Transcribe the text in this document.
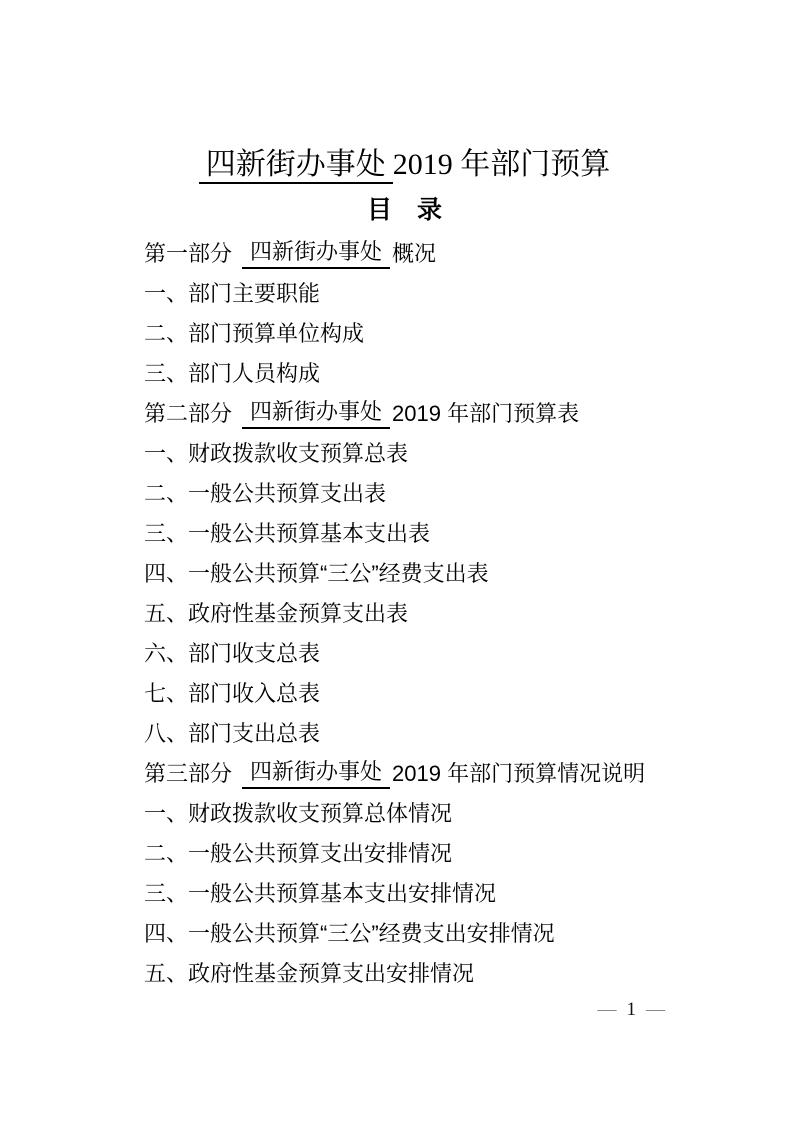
四新街办事处 2019 年部门预算
目　录
第一部分 四新街办事处 概况
一、部门主要职能
二、部门预算单位构成
三、部门人员构成
第二部分 四新街办事处 2019 年部门预算表
一、财政拨款收支预算总表
二、一般公共预算支出表
三、一般公共预算基本支出表
四、一般公共预算“三公”经费支出表
五、政府性基金预算支出表
六、部门收支总表
七、部门收入总表
八、部门支出总表
第三部分 四新街办事处 2019 年部门预算情况说明
一、财政拨款收支预算总体情况
二、一般公共预算支出安排情况
三、一般公共预算基本支出安排情况
四、一般公共预算“三公”经费支出安排情况
五、政府性基金预算支出安排情况
— 1 —
